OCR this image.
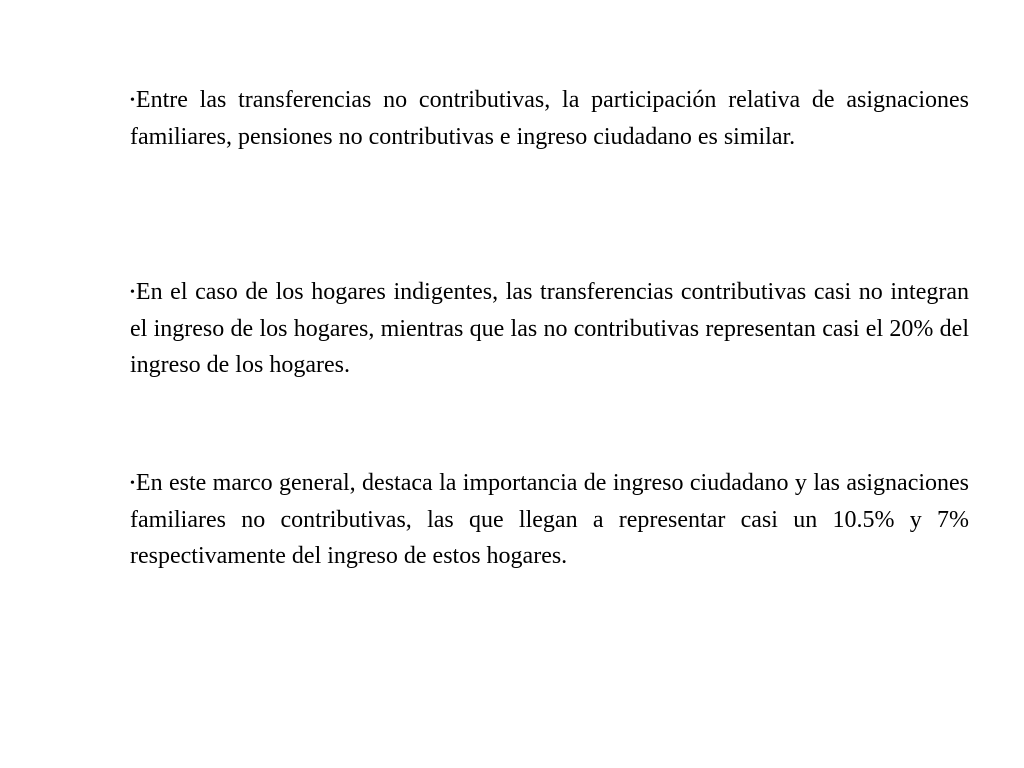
•Entre las transferencias no contributivas, la participación relativa de asignaciones familiares, pensiones no contributivas e ingreso ciudadano es similar.

•En el caso de los hogares indigentes, las transferencias contributivas casi no integran el ingreso de los hogares, mientras que las no contributivas representan casi el 20% del ingreso de los hogares.

•En este marco general, destaca la importancia de ingreso ciudadano y las asignaciones familiares no contributivas, las que llegan a representar casi un 10.5% y 7% respectivamente del ingreso de estos hogares.
